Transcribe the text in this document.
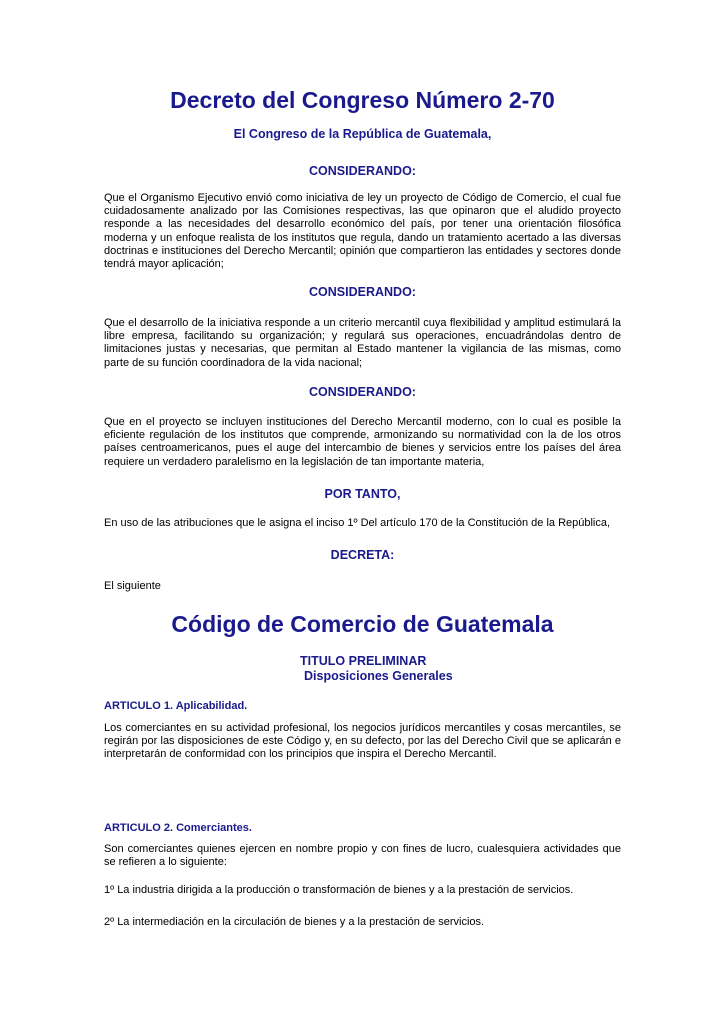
Decreto del Congreso Número 2-70

El Congreso de la República de Guatemala,

CONSIDERANDO:

Que el Organismo Ejecutivo envió como iniciativa de ley un proyecto de Código de Comercio, el cual fue cuidadosamente analizado por las Comisiones respectivas, las que opinaron que el aludido proyecto responde a las necesidades del desarrollo económico del país, por tener una orientación filosófica moderna y un enfoque realista de los institutos que regula, dando un tratamiento acertado a las diversas doctrinas e instituciones del Derecho Mercantil; opinión que compartieron las entidades y sectores donde tendrá mayor aplicación;

CONSIDERANDO:

Que el desarrollo de la iniciativa responde a un criterio mercantil cuya flexibilidad y amplitud estimulará la libre empresa, facilitando su organización; y regulará sus operaciones, encuadrándolas dentro de limitaciones justas y necesarias, que permitan al Estado mantener la vigilancia de las mismas, como parte de su función coordinadora de la vida nacional;

CONSIDERANDO:

Que en el proyecto se incluyen instituciones del Derecho Mercantil moderno, con lo cual es posible la eficiente regulación de los institutos que comprende, armonizando su normatividad con la de los otros países centroamericanos, pues el auge del intercambio de bienes y servicios entre los países del área requiere un verdadero paralelismo en la legislación de tan importante materia,

POR TANTO,

En uso de las atribuciones que le asigna el inciso 1º Del artículo 170 de la Constitución de la República,

DECRETA:

El siguiente

Código de Comercio de Guatemala
TITULO PRELIMINAR
Disposiciones Generales

ARTICULO 1. Aplicabilidad.

Los comerciantes en su actividad profesional, los negocios jurídicos mercantiles y cosas mercantiles, se regirán por las disposiciones de este Código y, en su defecto, por las del Derecho Civil que se aplicarán e interpretarán de conformidad con los principios que inspira el Derecho Mercantil.

ARTICULO 2. Comerciantes.

Son comerciantes quienes ejercen en nombre propio y con fines de lucro, cualesquiera actividades que se refieren a lo siguiente:

1º La industria dirigida a la producción o transformación de bienes y a la prestación de servicios.

2º La intermediación en la circulación de bienes y a la prestación de servicios.
